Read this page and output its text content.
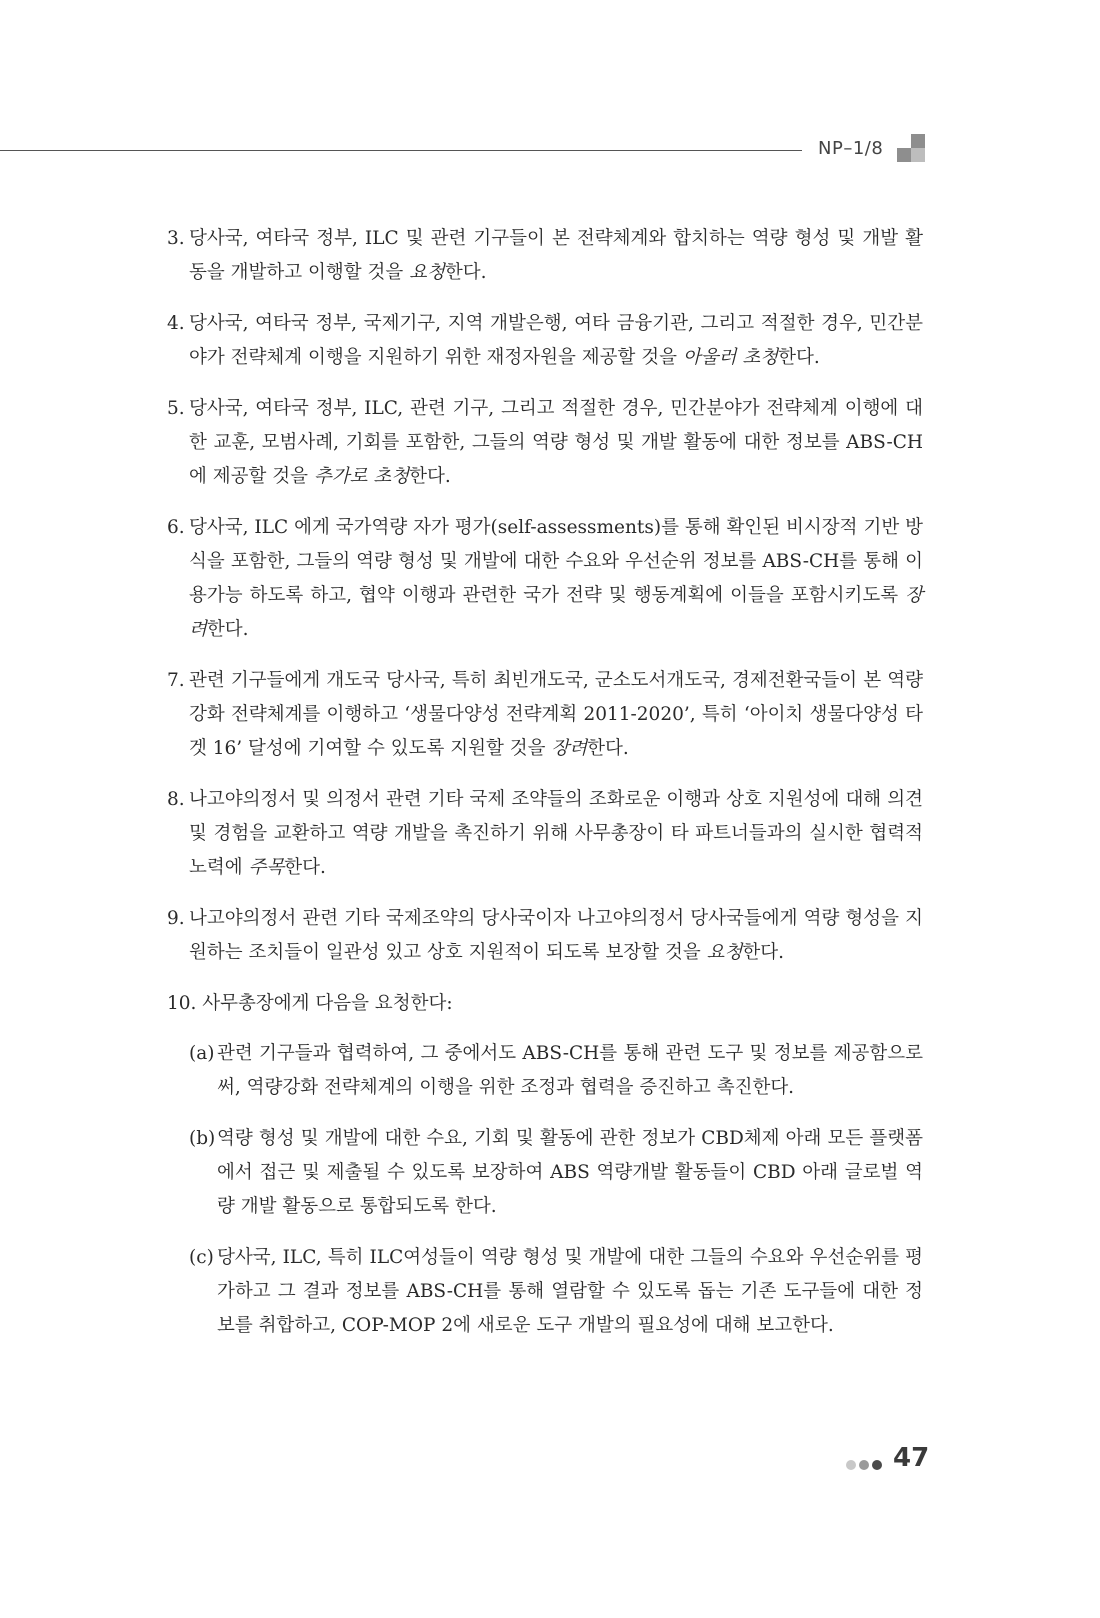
NP–1/8
3. 당사국, 여타국 정부, ILC 및 관련 기구들이 본 전략체계와 합치하는 역량 형성 및 개발 활동을 개발하고 이행할 것을 요청한다.
4. 당사국, 여타국 정부, 국제기구, 지역 개발은행, 여타 금융기관, 그리고 적절한 경우, 민간분야가 전략체계 이행을 지원하기 위한 재정자원을 제공할 것을 아울러 초청한다.
5. 당사국, 여타국 정부, ILC, 관련 기구, 그리고 적절한 경우, 민간분야가 전략체계 이행에 대한 교훈, 모범사례, 기회를 포함한, 그들의 역량 형성 및 개발 활동에 대한 정보를 ABS-CH에 제공할 것을 추가로 초청한다.
6. 당사국, ILC 에게 국가역량 자가 평가(self-assessments)를 통해 확인된 비시장적 기반 방식을 포함한, 그들의 역량 형성 및 개발에 대한 수요와 우선순위 정보를 ABS-CH를 통해 이용가능 하도록 하고, 협약 이행과 관련한 국가 전략 및 행동계획에 이들을 포함시키도록 장려한다.
7. 관련 기구들에게 개도국 당사국, 특히 최빈개도국, 군소도서개도국, 경제전환국들이 본 역량강화 전략체계를 이행하고 ‘생물다양성 전략계획 2011-2020’, 특히 ‘아이치 생물다양성 타겟 16’ 달성에 기여할 수 있도록 지원할 것을 장려한다.
8. 나고야의정서 및 의정서 관련 기타 국제 조약들의 조화로운 이행과 상호 지원성에 대해 의견 및 경험을 교환하고 역량 개발을 촉진하기 위해 사무총장이 타 파트너들과의 실시한 협력적 노력에 주목한다.
9. 나고야의정서 관련 기타 국제조약의 당사국이자 나고야의정서 당사국들에게 역량 형성을 지원하는 조치들이 일관성 있고 상호 지원적이 되도록 보장할 것을 요청한다.
10. 사무총장에게 다음을 요청한다:
(a) 관련 기구들과 협력하여, 그 중에서도 ABS-CH를 통해 관련 도구 및 정보를 제공함으로써, 역량강화 전략체계의 이행을 위한 조정과 협력을 증진하고 촉진한다.
(b) 역량 형성 및 개발에 대한 수요, 기회 및 활동에 관한 정보가 CBD체제 아래 모든 플랫폼에서 접근 및 제출될 수 있도록 보장하여 ABS 역량개발 활동들이 CBD 아래 글로벌 역량 개발 활동으로 통합되도록 한다.
(c) 당사국, ILC, 특히 ILC여성들이 역량 형성 및 개발에 대한 그들의 수요와 우선순위를 평가하고 그 결과 정보를 ABS-CH를 통해 열람할 수 있도록 돕는 기존 도구들에 대한 정보를 취합하고, COP-MOP 2에 새로운 도구 개발의 필요성에 대해 보고한다.
47
